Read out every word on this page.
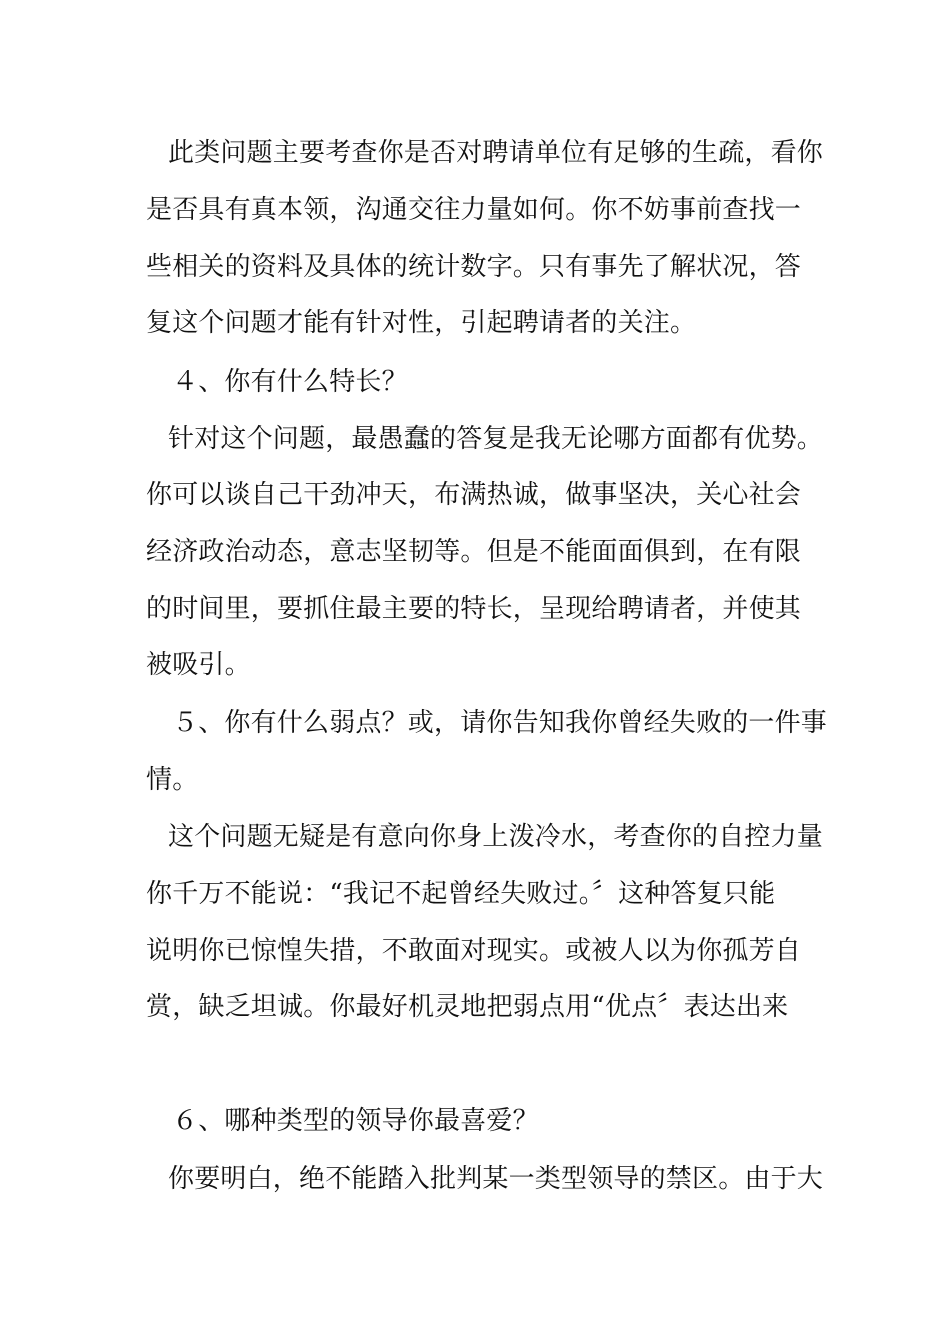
此类问题主要考查你是否对聘请单位有足够的生疏，看你
是否具有真本领，沟通交往力量如何。你不妨事前查找一
些相关的资料及具体的统计数字。只有事先了解状况，答
复这个问题才能有针对性，引起聘请者的关注。
４、你有什么特长？
针对这个问题，最愚蠢的答复是我无论哪方面都有优势。
你可以谈自己干劲冲天，布满热诚，做事坚决，关心社会
经济政治动态，意志坚韧等。但是不能面面俱到，在有限
的时间里，要抓住最主要的特长，呈现给聘请者，并使其
被吸引。
５、你有什么弱点？或，请你告知我你曾经失败的一件事
情。
这个问题无疑是有意向你身上泼冷水，考查你的自控力量
你千万不能说：“我记不起曾经失败过。〞这种答复只能
说明你已惊惶失措，不敢面对现实。或被人以为你孤芳自
赏，缺乏坦诚。你最好机灵地把弱点用“优点〞表达出来
６、哪种类型的领导你最喜爱？
你要明白，绝不能踏入批判某一类型领导的禁区。由于大
